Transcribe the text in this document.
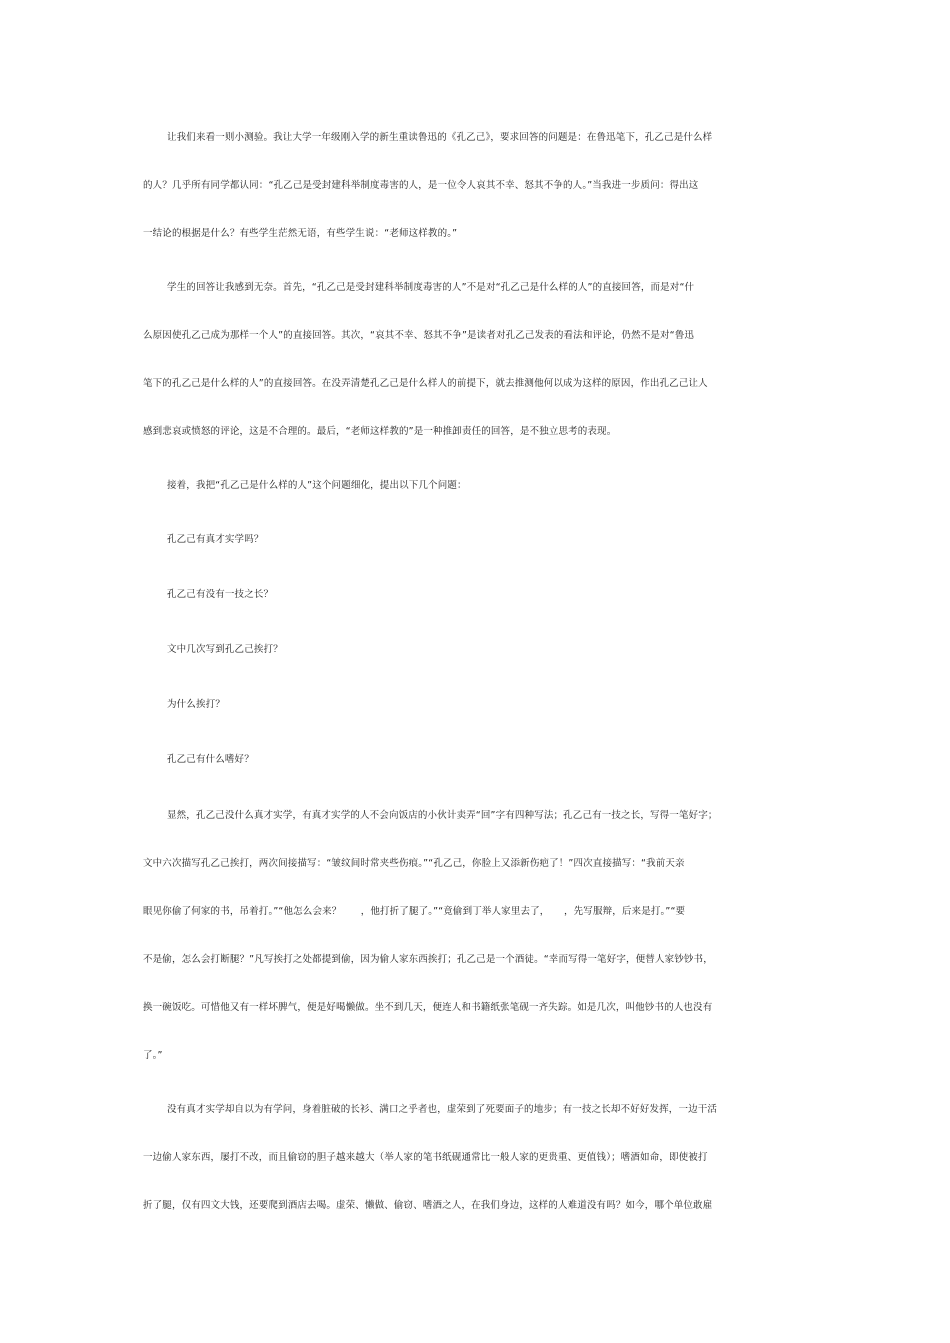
让我们来看一则小测验。我让大学一年级刚入学的新生重读鲁迅的《孔乙己》，要求回答的问题是：在鲁迅笔下，孔乙己是什么样
的人？几乎所有同学都认同：“孔乙己是受封建科举制度毒害的人，是一位令人哀其不幸、怒其不争的人。”当我进一步质问：得出这
一结论的根据是什么？有些学生茫然无语，有些学生说：“老师这样教的。”
学生的回答让我感到无奈。首先，“孔乙己是受封建科举制度毒害的人”不是对“孔乙己是什么样的人”的直接回答，而是对“什
么原因使孔乙己成为那样一个人”的直接回答。其次，“哀其不幸、怒其不争”是读者对孔乙己发表的看法和评论，仍然不是对“鲁迅
笔下的孔乙己是什么样的人”的直接回答。在没弄清楚孔乙己是什么样人的前提下，就去推测他何以成为这样的原因，作出孔乙己让人
感到悲哀或愤怒的评论，这是不合理的。最后，“老师这样教的”是一种推卸责任的回答，是不独立思考的表现。
接着，我把“孔乙己是什么样的人”这个问题细化，提出以下几个问题：
孔乙己有真才实学吗？
孔乙己有没有一技之长？
文中几次写到孔乙己挨打？
为什么挨打？
孔乙己有什么嗜好？
显然，孔乙己没什么真才实学，有真才实学的人不会向饭店的小伙计卖弄“回”字有四种写法；孔乙己有一技之长，写得一笔好字；
文中六次描写孔乙己挨打，两次间接描写：“皱纹间时常夹些伤痕。”“孔乙己，你脸上又添新伤疤了！”四次直接描写：“我前天亲
眼见你偷了何家的书，吊着打。”“他怎么会来？　　，他打折了腿了。”“竟偷到丁举人家里去了，　　，先写服辩，后来是打。”“要
不是偷，怎么会打断腿？”凡写挨打之处都提到偷，因为偷人家东西挨打；孔乙己是一个酒徒。“幸而写得一笔好字，便替人家钞钞书，
换一碗饭吃。可惜他又有一样坏脾气，便是好喝懒做。坐不到几天，便连人和书籍纸张笔砚一齐失踪。如是几次，叫他钞书的人也没有
了。”
没有真才实学却自以为有学问，身着脏破的长衫、满口之乎者也，虚荣到了死要面子的地步；有一技之长却不好好发挥，一边干活
一边偷人家东西，屡打不改，而且偷窃的胆子越来越大（举人家的笔书纸砚通常比一般人家的更贵重、更值钱）；嗜酒如命，即使被打
折了腿，仅有四文大钱，还要爬到酒店去喝。虚荣、懒做、偷窃、嗜酒之人，在我们身边，这样的人难道没有吗？如今，哪个单位敢雇
